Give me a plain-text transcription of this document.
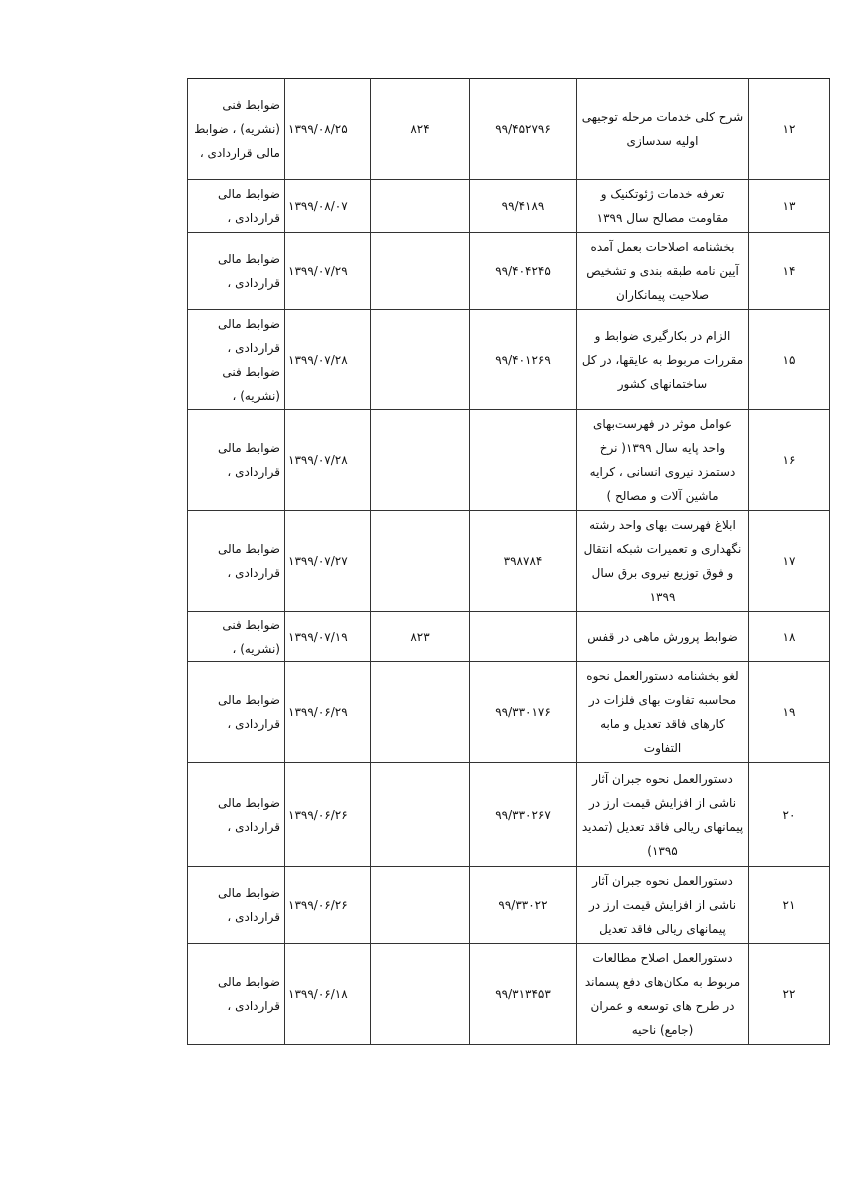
۱۲	شرح کلی خدمات مرحله توجیهی اولیه سدسازی	۹۹/۴۵۲۷۹۶	۸۲۴	۱۳۹۹/۰۸/۲۵	ضوابط فنی (نشریه) ، ضوابط مالی قراردادی ،
۱۳	تعرفه خدمات ژئوتکنیک و مقاومت مصالح سال ۱۳۹۹	۹۹/۴۱۸۹		۱۳۹۹/۰۸/۰۷	ضوابط مالی قراردادی ،
۱۴	بخشنامه اصلاحات بعمل آمده آیین نامه طبقه بندی و تشخیص صلاحیت پیمانکاران	۹۹/۴۰۴۲۴۵		۱۳۹۹/۰۷/۲۹	ضوابط مالی قراردادی ،
۱۵	الزام در بکارگیری ضوابط و مقررات مربوط به عایقها، در کل ساختمانهای کشور	۹۹/۴۰۱۲۶۹		۱۳۹۹/۰۷/۲۸	ضوابط مالی قراردادی ، ضوابط فنی (نشریه) ،
۱۶	عوامل موثر در فهرست‌بهای واحد پایه سال ۱۳۹۹( نرخ دستمزد نیروی انسانی ، کرایه ماشین آلات و مصالح )			۱۳۹۹/۰۷/۲۸	ضوابط مالی قراردادی ،
۱۷	ابلاغ فهرست بهای واحد رشته نگهداری و تعمیرات شبکه انتقال و فوق توزیع نیروی برق سال ۱۳۹۹	۳۹۸۷۸۴		۱۳۹۹/۰۷/۲۷	ضوابط مالی قراردادی ،
۱۸	ضوابط پرورش ماهی در قفس		۸۲۳	۱۳۹۹/۰۷/۱۹	ضوابط فنی (نشریه) ،
۱۹	لغو بخشنامه دستورالعمل نحوه محاسبه تفاوت بهای فلزات در کارهای فاقد تعدیل و مابه التفاوت	۹۹/۳۳۰۱۷۶		۱۳۹۹/۰۶/۲۹	ضوابط مالی قراردادی ،
۲۰	دستورالعمل نحوه جبران آثار ناشی از افزایش قیمت ارز در پیمانهای ریالی فاقد تعدیل (تمدید ۱۳۹۵)	۹۹/۳۳۰۲۶۷		۱۳۹۹/۰۶/۲۶	ضوابط مالی قراردادی ،
۲۱	دستورالعمل نحوه جبران آثار ناشی از افزایش قیمت ارز در پیمانهای ریالی فاقد تعدیل	۹۹/۳۳۰۲۲		۱۳۹۹/۰۶/۲۶	ضوابط مالی قراردادی ،
۲۲	دستورالعمل اصلاح مطالعات مربوط به مکان‌های دفع پسماند در طرح های توسعه و عمران (جامع) ناحیه	۹۹/۳۱۳۴۵۳		۱۳۹۹/۰۶/۱۸	ضوابط مالی قراردادی ،
